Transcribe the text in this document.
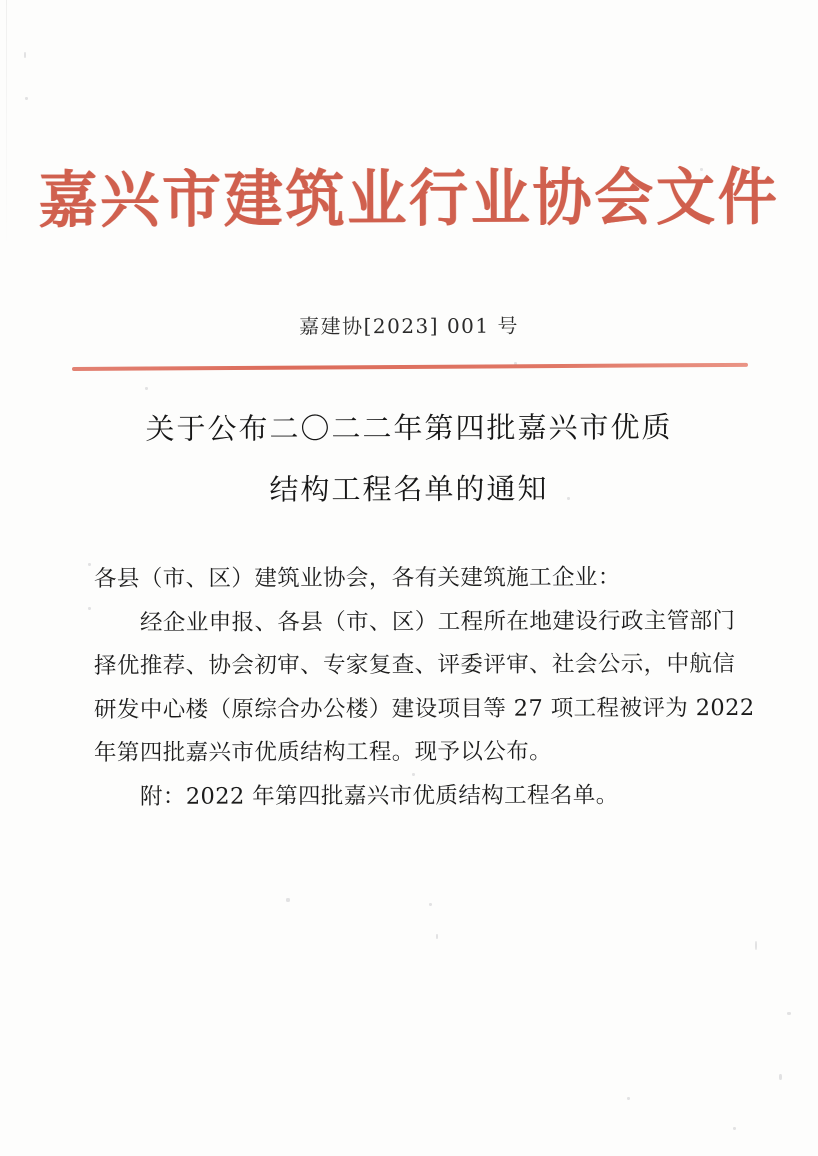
嘉兴市建筑业行业协会文件
嘉建协[2023] 001 号
关于公布二〇二二年第四批嘉兴市优质
结构工程名单的通知
各县（市、区）建筑业协会，各有关建筑施工企业：
经企业申报、各县（市、区）工程所在地建设行政主管部门
择优推荐、协会初审、专家复查、评委评审、社会公示，中航信
研发中心楼（原综合办公楼）建设项目等 27 项工程被评为 2022
年第四批嘉兴市优质结构工程。现予以公布。
附：2022 年第四批嘉兴市优质结构工程名单。
